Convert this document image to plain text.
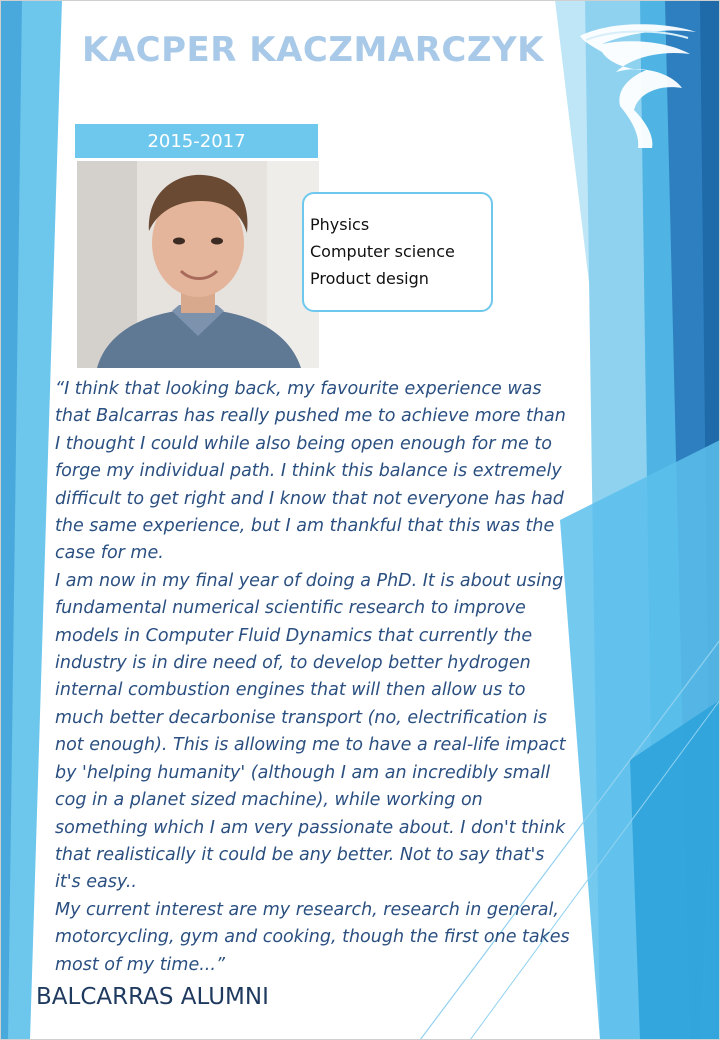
KACPER KACZMARCZYK
2015-2017
Physics
Computer science
Product design

“I think that looking back, my favourite experience was that Balcarras has really pushed me to achieve more than I thought I could while also being open enough for me to forge my individual path. I think this balance is extremely difficult to get right and I know that not everyone has had the same experience, but I am thankful that this was the case for me.

I am now in my final year of doing a PhD. It is about using fundamental numerical scientific research to improve models in Computer Fluid Dynamics that currently the industry is in dire need of, to develop better hydrogen internal combustion engines that will then allow us to much better decarbonise transport (no, electrification is not enough). This is allowing me to have a real-life impact by 'helping humanity' (although I am an incredibly small cog in a planet sized machine), while working on something which I am very passionate about. I don't think that realistically it could be any better. Not to say that's it's easy..

My current interest are my research, research in general, motorcycling, gym and cooking, though the first one takes most of my time...”

BALCARRAS ALUMNI
